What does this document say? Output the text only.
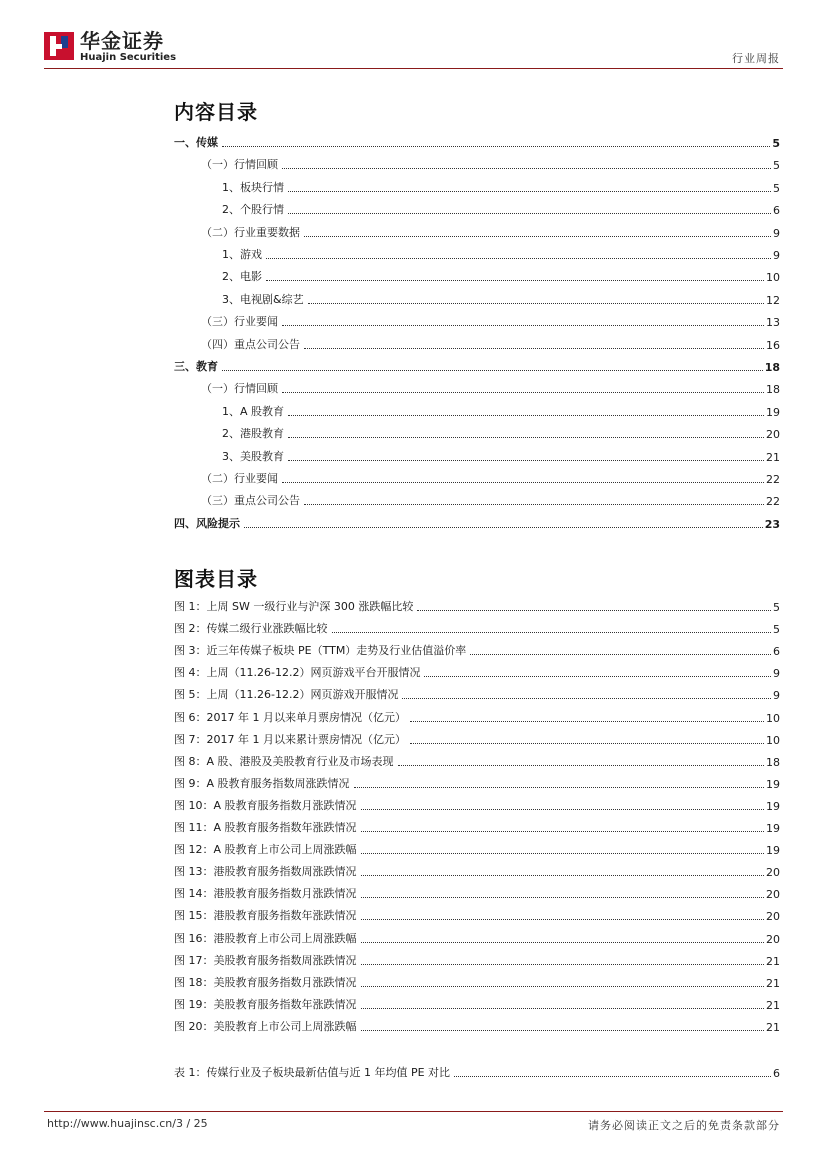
华金证券
Huajin Securities	行业周报
内容目录
一、传媒	5
（一）行情回顾	5
1、板块行情	5
2、个股行情	6
（二）行业重要数据	9
1、游戏	9
2、电影	10
3、电视剧&综艺	12
（三）行业要闻	13
（四）重点公司公告	16
三、教育	18
（一）行情回顾	18
1、A 股教育	19
2、港股教育	20
3、美股教育	21
（二）行业要闻	22
（三）重点公司公告	22
四、风险提示	23
图表目录
图 1：上周 SW 一级行业与沪深 300 涨跌幅比较	5
图 2：传媒二级行业涨跌幅比较	5
图 3：近三年传媒子板块 PE（TTM）走势及行业估值溢价率	6
图 4：上周（11.26-12.2）网页游戏平台开服情况	9
图 5：上周（11.26-12.2）网页游戏开服情况	9
图 6：2017 年 1 月以来单月票房情况（亿元）	10
图 7：2017 年 1 月以来累计票房情况（亿元）	10
图 8：A 股、港股及美股教育行业及市场表现	18
图 9：A 股教育服务指数周涨跌情况	19
图 10：A 股教育服务指数月涨跌情况	19
图 11：A 股教育服务指数年涨跌情况	19
图 12：A 股教育上市公司上周涨跌幅	19
图 13：港股教育服务指数周涨跌情况	20
图 14：港股教育服务指数月涨跌情况	20
图 15：港股教育服务指数年涨跌情况	20
图 16：港股教育上市公司上周涨跌幅	20
图 17：美股教育服务指数周涨跌情况	21
图 18：美股教育服务指数月涨跌情况	21
图 19：美股教育服务指数年涨跌情况	21
图 20：美股教育上市公司上周涨跌幅	21
表 1：传媒行业及子板块最新估值与近 1 年均值 PE 对比	6
http://www.huajinsc.cn/3 / 25	请务必阅读正文之后的免责条款部分
